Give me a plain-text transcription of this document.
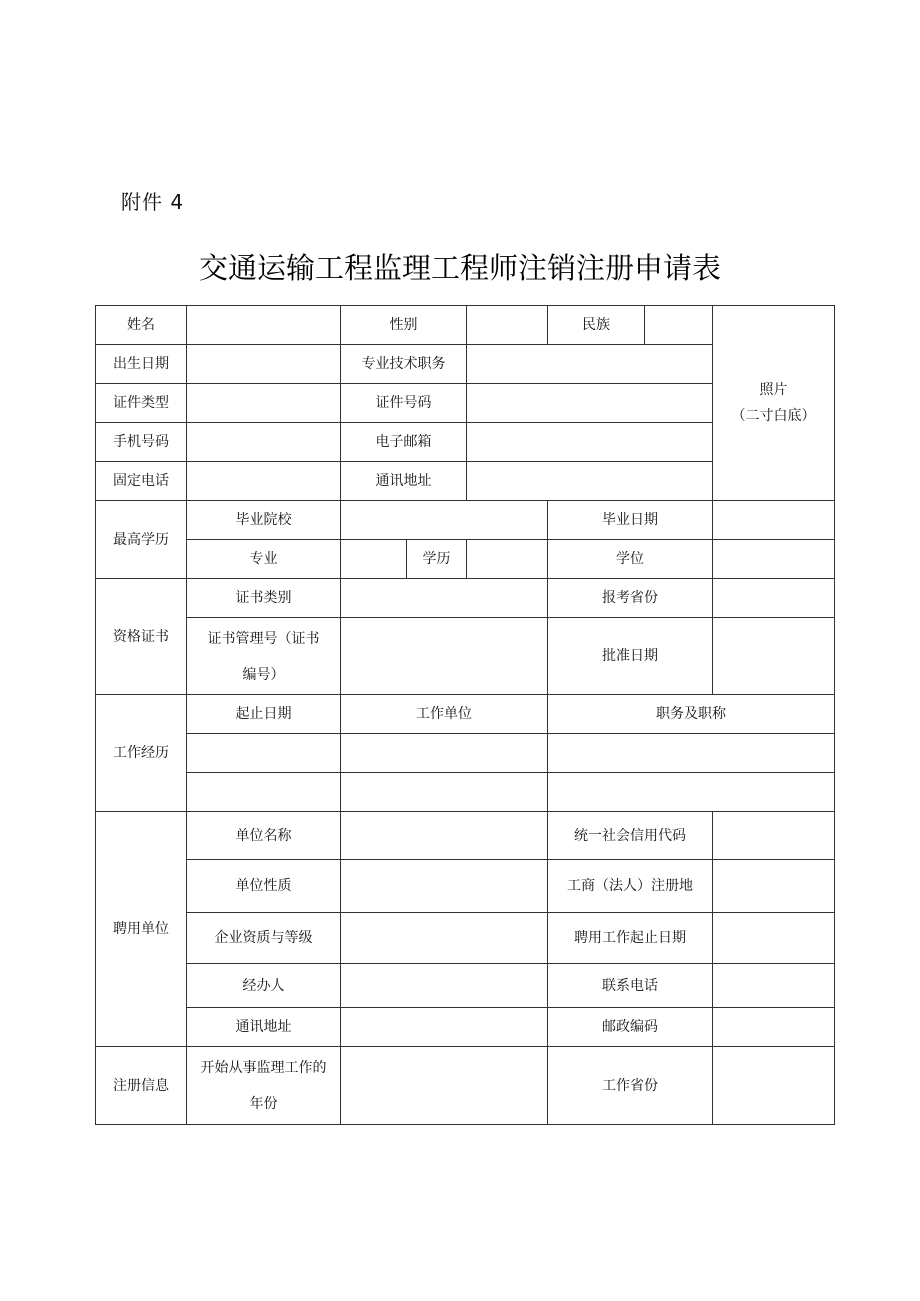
附件 4
交通运输工程监理工程师注销注册申请表
姓名		性别			民族		照片
（二寸白底）

出生日期		专业技术职务					
证件类型		证件号码					
手机号码		电子邮箱					
固定电话		通讯地址					
最高学历	毕业院校				毕业日期		
	专业		学历		学位		
资格证书	证书类别				报考省份		

	证书管理号（证书
编号）				批准日期		
工作经历	起止日期	工作单位			职务及职称		

聘用单位	单位名称				统一社会信用代码		
	单位性质				工商（法人）注册地		
	企业资质与等级				聘用工作起止日期		
	经办人				联系电话		
	通讯地址				邮政编码		
注册信息	开始从事监理工作的
年份				工作省份		
